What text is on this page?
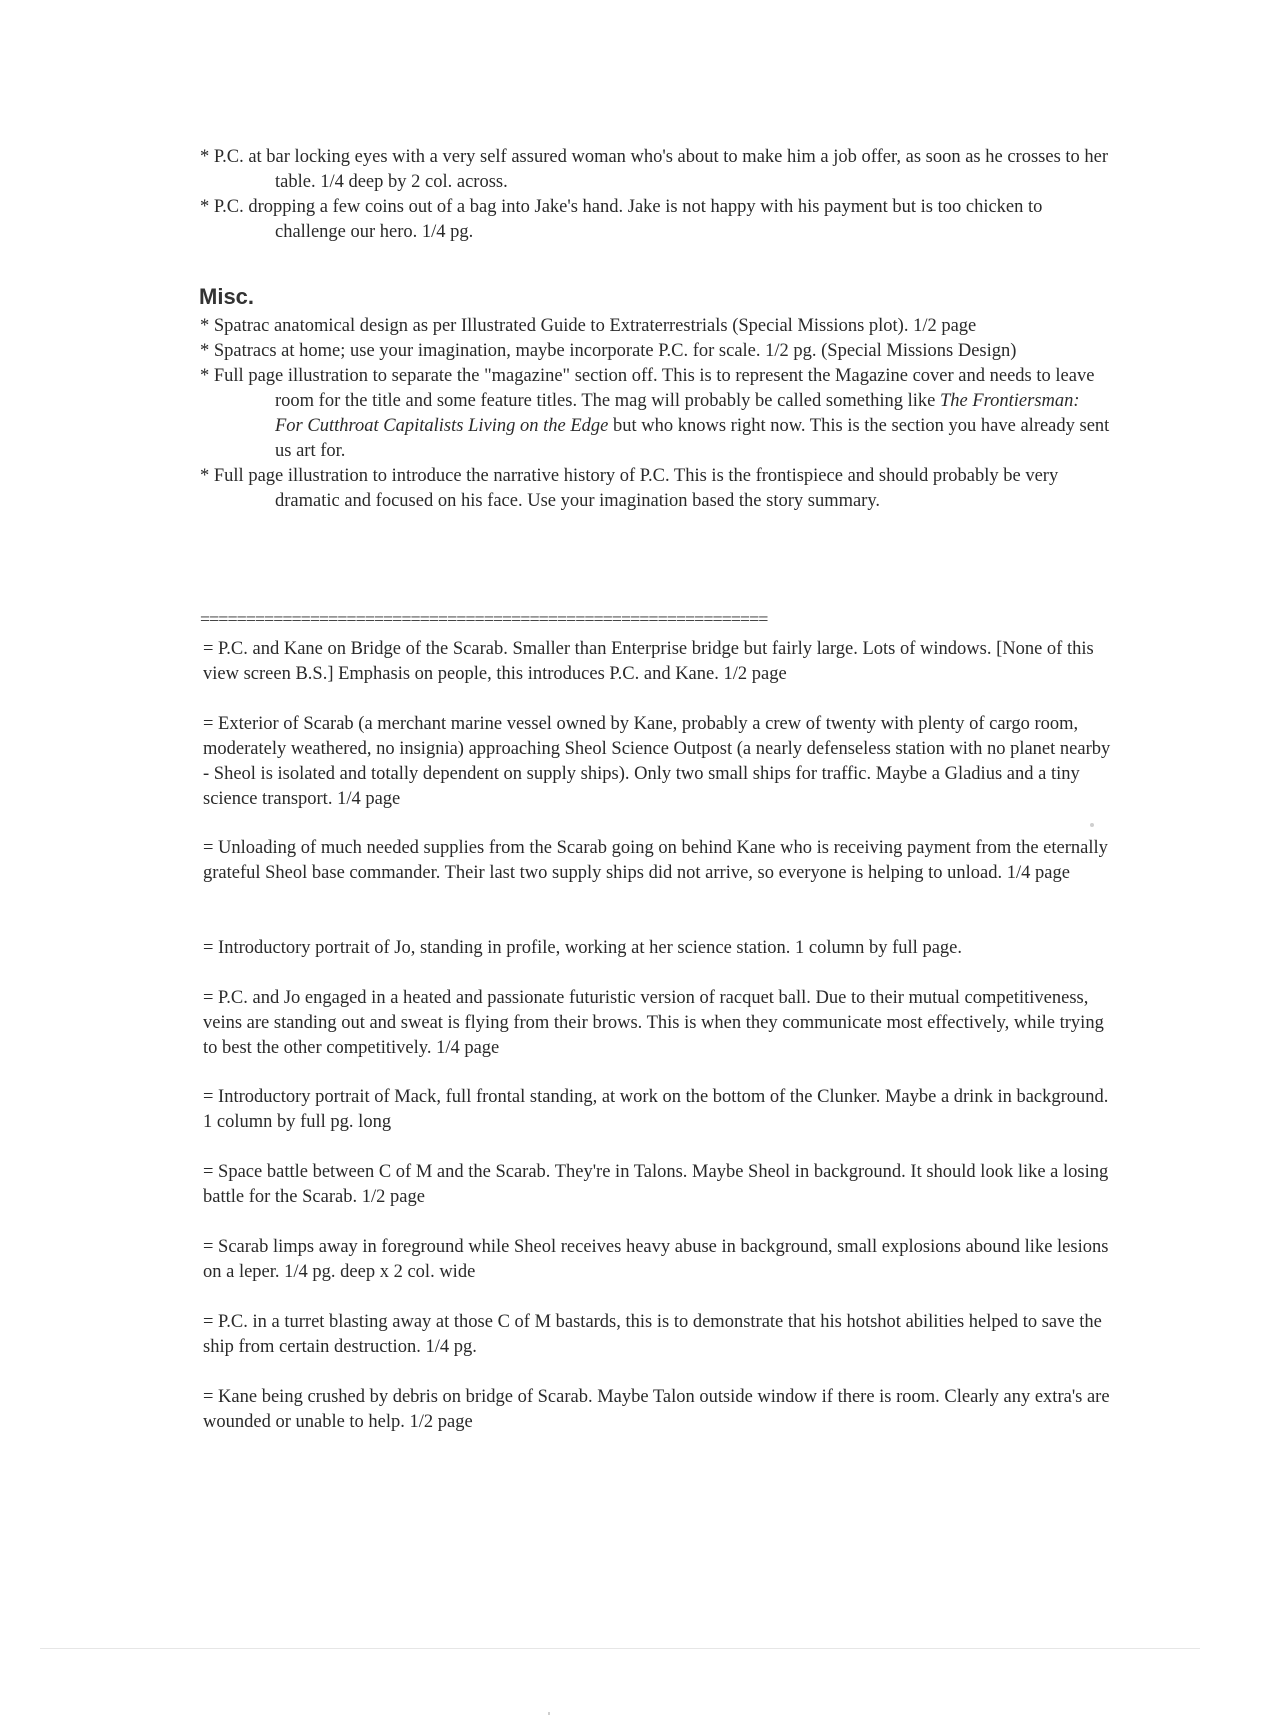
* P.C. at bar locking eyes with a very self assured woman who's about to make him a job offer, as soon as he crosses to her table. 1/4 deep by 2 col. across.

* P.C. dropping a few coins out of a bag into Jake's hand. Jake is not happy with his payment but is too chicken to challenge our hero. 1/4 pg.

Misc.

* Spatrac anatomical design as per Illustrated Guide to Extraterrestrials (Special Missions plot). 1/2 page

* Spatracs at home; use your imagination, maybe incorporate P.C. for scale. 1/2 pg. (Special Missions Design)

* Full page illustration to separate the "magazine" section off. This is to represent the Magazine cover and needs to leave room for the title and some feature titles. The mag will probably be called something like The Frontiersman: For Cutthroat Capitalists Living on the Edge but who knows right now. This is the section you have already sent us art for.

* Full page illustration to introduce the narrative history of P.C. This is the frontispiece and should probably be very dramatic and focused on his face. Use your imagination based the story summary.

==============================================================

= P.C. and Kane on Bridge of the Scarab. Smaller than Enterprise bridge but fairly large. Lots of windows. [None of this view screen B.S.] Emphasis on people, this introduces P.C. and Kane. 1/2 page

= Exterior of Scarab (a merchant marine vessel owned by Kane, probably a crew of twenty with plenty of cargo room, moderately weathered, no insignia) approaching Sheol Science Outpost (a nearly defenseless station with no planet nearby - Sheol is isolated and totally dependent on supply ships). Only two small ships for traffic. Maybe a Gladius and a tiny science transport. 1/4 page

= Unloading of much needed supplies from the Scarab going on behind Kane who is receiving payment from the eternally grateful Sheol base commander. Their last two supply ships did not arrive, so everyone is helping to unload. 1/4 page

= Introductory portrait of Jo, standing in profile, working at her science station. 1 column by full page.

= P.C. and Jo engaged in a heated and passionate futuristic version of racquet ball. Due to their mutual competitiveness, veins are standing out and sweat is flying from their brows. This is when they communicate most effectively, while trying to best the other competitively. 1/4 page

= Introductory portrait of Mack, full frontal standing, at work on the bottom of the Clunker. Maybe a drink in background. 1 column by full pg. long

= Space battle between C of M and the Scarab. They're in Talons. Maybe Sheol in background. It should look like a losing battle for the Scarab. 1/2 page

= Scarab limps away in foreground while Sheol receives heavy abuse in background, small explosions abound like lesions on a leper. 1/4 pg. deep x 2 col. wide

= P.C. in a turret blasting away at those C of M bastards, this is to demonstrate that his hotshot abilities helped to save the ship from certain destruction. 1/4 pg.

= Kane being crushed by debris on bridge of Scarab. Maybe Talon outside window if there is room. Clearly any extra's are wounded or unable to help. 1/2 page
